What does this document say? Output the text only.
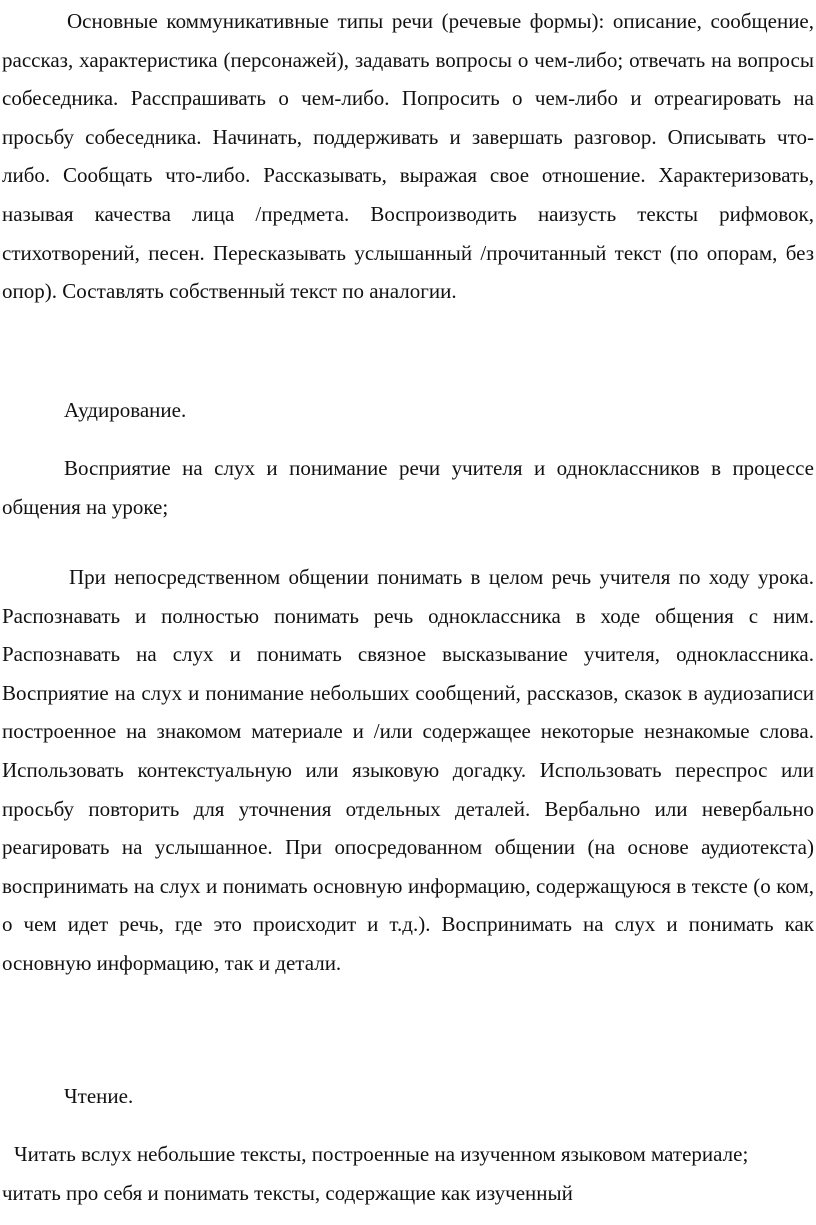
Основные коммуникативные типы речи (речевые формы): описание, сообщение, рассказ, характеристика (персонажей), задавать вопросы о чем-либо; отвечать на вопросы собеседника. Расспрашивать о чем-либо. Попросить о чем-либо и отреагировать на просьбу собеседника. Начинать, поддерживать и завершать разговор. Описывать что-либо. Сообщать что-либо. Рассказывать, выражая свое отношение. Характеризовать, называя качества лица /предмета. Воспроизводить наизусть тексты рифмовок, стихотворений, песен. Пересказывать услышанный /прочитанный текст (по опорам, без опор). Составлять собственный текст по аналогии.

Аудирование.

Восприятие на слух и понимание речи учителя и одноклассников в процессе общения на уроке;

При непосредственном общении понимать в целом речь учителя по ходу урока. Распознавать и полностью понимать речь одноклассника в ходе общения с ним. Распознавать на слух и понимать связное высказывание учителя, одноклассника. Восприятие на слух и понимание небольших сообщений, рассказов, сказок в аудиозаписи построенное на знакомом материале и /или содержащее некоторые незнакомые слова. Использовать контекстуальную или языковую догадку. Использовать переспрос или просьбу повторить для уточнения отдельных деталей. Вербально или невербально реагировать на услышанное. При опосредованном общении (на основе аудиотекста) воспринимать на слух и понимать основную информацию, содержащуюся в тексте (о ком, о чем идет речь, где это происходит и т.д.). Воспринимать на слух и понимать как основную информацию, так и детали.

Чтение.

Читать вслух небольшие тексты, построенные на изученном языковом материале; читать про себя и понимать тексты, содержащие как изученный
